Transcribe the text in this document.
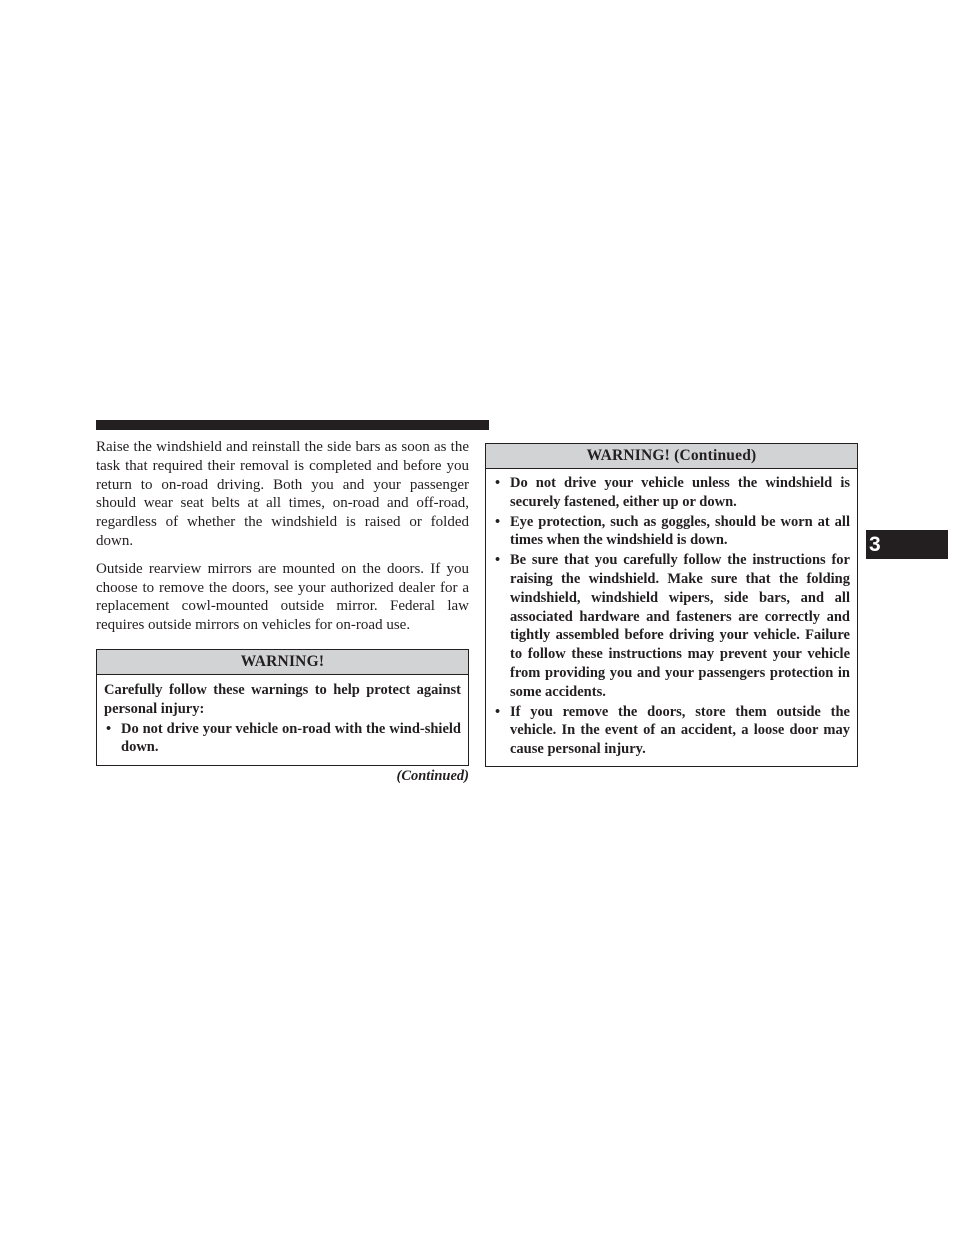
Raise the windshield and reinstall the side bars as soon as the task that required their removal is completed and before you return to on-road driving. Both you and your passenger should wear seat belts at all times, on-road and off-road, regardless of whether the windshield is raised or folded down.

Outside rearview mirrors are mounted on the doors. If you choose to remove the doors, see your authorized dealer for a replacement cowl-mounted outside mirror. Federal law requires outside mirrors on vehicles for on-road use.

WARNING!

Carefully follow these warnings to help protect against personal injury:

• Do not drive your vehicle on-road with the wind-shield down.
(Continued)
WARNING! (Continued)
• Do not drive your vehicle unless the windshield is securely fastened, either up or down.
• Eye protection, such as goggles, should be worn at all times when the windshield is down.
• Be sure that you carefully follow the instructions for raising the windshield. Make sure that the folding windshield, windshield wipers, side bars, and all associated hardware and fasteners are correctly and tightly assembled before driving your vehicle. Failure to follow these instructions may prevent your vehicle from providing you and your passengers protection in some accidents.
• If you remove the doors, store them outside the vehicle. In the event of an accident, a loose door may cause personal injury.
3
